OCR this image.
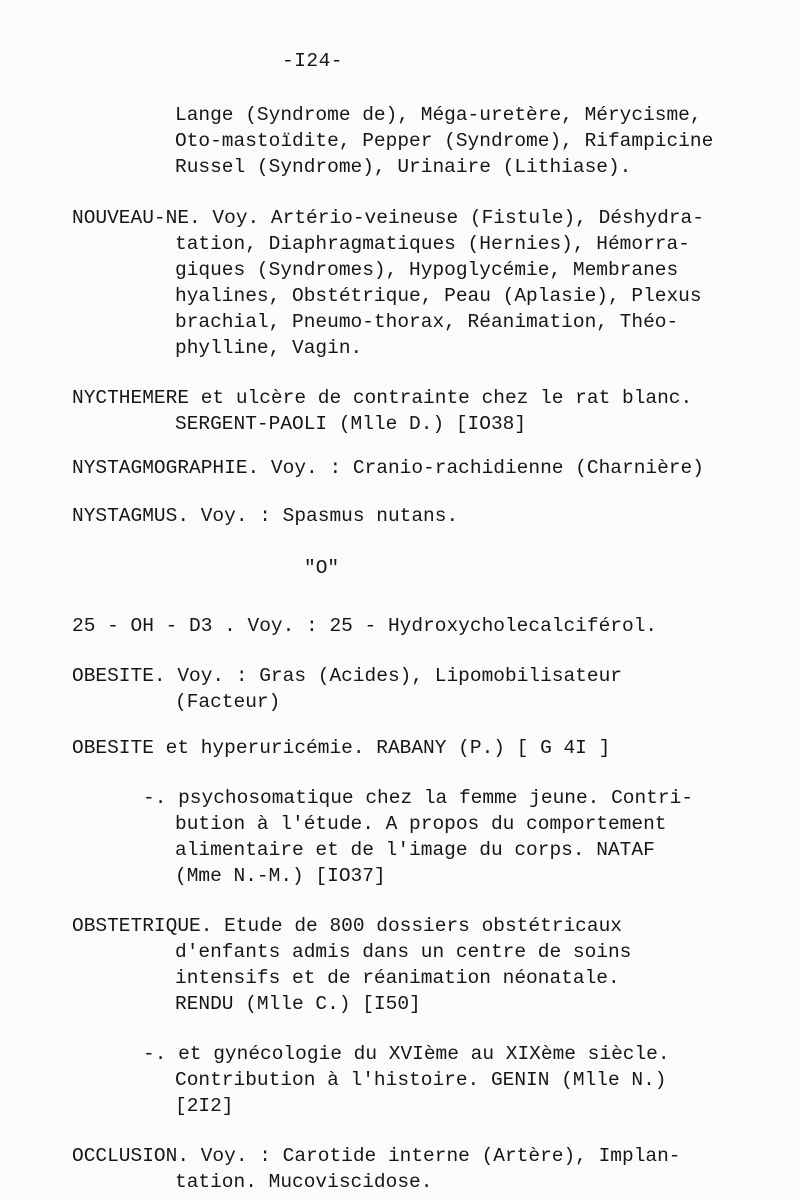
-I24-
Lange (Syndrome de), Méga-uretère, Mérycisme,
Oto-mastoïdite, Pepper (Syndrome), Rifampicine
Russel (Syndrome), Urinaire (Lithiase).
NOUVEAU-NE. Voy. Artério-veineuse (Fistule), Déshydra-
tation, Diaphragmatiques (Hernies), Hémorra-
giques (Syndromes), Hypoglycémie, Membranes
hyalines, Obstétrique, Peau (Aplasie), Plexus
brachial, Pneumo-thorax, Réanimation, Théo-
phylline, Vagin.
NYCTHEMERE et ulcère de contrainte chez le rat blanc.
SERGENT-PAOLI (Mlle D.) [IO38]
NYSTAGMOGRAPHIE. Voy. : Cranio-rachidienne (Charnière)
NYSTAGMUS. Voy. : Spasmus nutans.
"O"
25 - OH - D3 . Voy. : 25 - Hydroxycholecalciférol.
OBESITE. Voy. : Gras (Acides), Lipomobilisateur
(Facteur)
OBESITE et hyperuricémie. RABANY (P.) [ G 4I ]
-. psychosomatique chez la femme jeune. Contri-
bution à l'étude. A propos du comportement
alimentaire et de l'image du corps. NATAF
(Mme N.-M.) [IO37]
OBSTETRIQUE. Etude de 800 dossiers obstétricaux
d'enfants admis dans un centre de soins
intensifs et de réanimation néonatale.
RENDU (Mlle C.) [I50]
-. et gynécologie du XVIème au XIXème siècle.
Contribution à l'histoire. GENIN (Mlle N.)
[2I2]
OCCLUSION. Voy. : Carotide interne (Artère), Implan-
tation. Mucoviscidose.
